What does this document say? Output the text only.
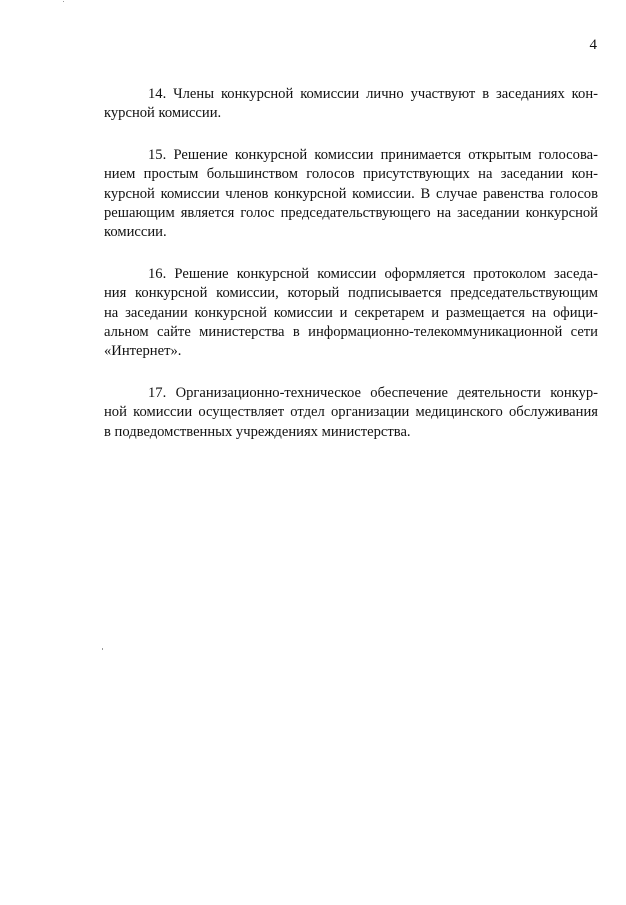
4
14. Члены конкурсной комиссии лично участвуют в заседаниях кон-
курсной комиссии.
15. Решение конкурсной комиссии принимается открытым голосова-
нием простым большинством голосов присутствующих на заседании кон-
курсной комиссии членов конкурсной комиссии. В случае равенства голосов
решающим является голос председательствующего на заседании конкурсной
комиссии.
16. Решение конкурсной комиссии оформляется протоколом заседа-
ния конкурсной комиссии, который подписывается председательствующим
на заседании конкурсной комиссии и секретарем и размещается на офици-
альном сайте министерства в информационно-телекоммуникационной сети
«Интернет».
17. Организационно-техническое обеспечение деятельности конкур-
ной комиссии осуществляет отдел организации медицинского обслуживания
в подведомственных учреждениях министерства.
